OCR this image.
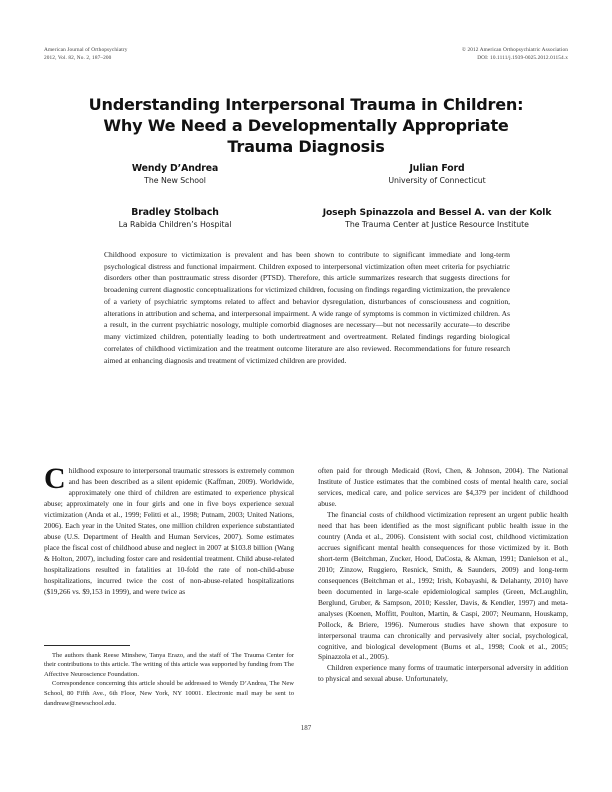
American Journal of Orthopsychiatry
2012, Vol. 82, No. 2, 187–200
© 2012 American Orthopsychiatric Association
DOI: 10.1111/j.1939-0025.2012.01154.x
Understanding Interpersonal Trauma in Children:
Why We Need a Developmentally Appropriate
Trauma Diagnosis
Wendy D’Andrea
The New School
Julian Ford
University of Connecticut
Bradley Stolbach
La Rabida Children’s Hospital
Joseph Spinazzola and Bessel A. van der Kolk
The Trauma Center at Justice Resource Institute
Childhood exposure to victimization is prevalent and has been shown to contribute to significant immediate and long-term psychological distress and functional impairment. Children exposed to interpersonal victimization often meet criteria for psychiatric disorders other than posttraumatic stress disorder (PTSD). Therefore, this article summarizes research that suggests directions for broadening current diagnostic conceptualizations for victimized children, focusing on findings regarding victimization, the prevalence of a variety of psychiatric symptoms related to affect and behavior dysregulation, disturbances of consciousness and cognition, alterations in attribution and schema, and interpersonal impairment. A wide range of symptoms is common in victimized children. As a result, in the current psychiatric nosology, multiple comorbid diagnoses are necessary—but not necessarily accurate—to describe many victimized children, potentially leading to both undertreatment and overtreatment. Related findings regarding biological correlates of childhood victimization and the treatment outcome literature are also reviewed. Recommendations for future research aimed at enhancing diagnosis and treatment of victimized children are provided.

Childhood exposure to interpersonal traumatic stressors is extremely common and has been described as a silent epidemic (Kaffman, 2009). Worldwide, approximately one third of children are estimated to experience physical abuse; approximately one in four girls and one in five boys experience sexual victimization (Anda et al., 1999; Felitti et al., 1998; Putnam, 2003; United Nations, 2006). Each year in the United States, one million children experience substantiated abuse (U.S. Department of Health and Human Services, 2007). Some estimates place the fiscal cost of childhood abuse and neglect in 2007 at $103.8 billion (Wang & Holton, 2007), including foster care and residential treatment. Child abuse-related hospitalizations resulted in fatalities at 10-fold the rate of non-child-abuse hospitalizations, incurred twice the cost of non-abuse-related hospitalizations ($19,266 vs. $9,153 in 1999), and were twice as

often paid for through Medicaid (Rovi, Chen, & Johnson, 2004). The National Institute of Justice estimates that the combined costs of mental health care, social services, medical care, and police services are $4,379 per incident of childhood abuse.

The financial costs of childhood victimization represent an urgent public health need that has been identified as the most significant public health issue in the country (Anda et al., 2006). Consistent with social cost, childhood victimization accrues significant mental health consequences for those victimized by it. Both short-term (Beitchman, Zucker, Hood, DaCosta, & Akman, 1991; Danielson et al., 2010; Zinzow, Ruggiero, Resnick, Smith, & Saunders, 2009) and long-term consequences (Beitchman et al., 1992; Irish, Kobayashi, & Delahanty, 2010) have been documented in large-scale epidemiological samples (Green, McLaughlin, Berglund, Gruber, & Sampson, 2010; Kessler, Davis, & Kendler, 1997) and meta-analyses (Koenen, Moffitt, Poulton, Martin, & Caspi, 2007; Neumann, Houskamp, Pollock, & Briere, 1996). Numerous studies have shown that exposure to interpersonal trauma can chronically and pervasively alter social, psychological, cognitive, and biological development (Burns et al., 1998; Cook et al., 2005; Spinazzola et al., 2005).

Children experience many forms of traumatic interpersonal adversity in addition to physical and sexual abuse. Unfortunately,

The authors thank Reese Minshew, Tanya Erazo, and the staff of The Trauma Center for their contributions to this article. The writing of this article was supported by funding from The Affective Neuroscience Foundation.

Correspondence concerning this article should be addressed to Wendy D’Andrea, The New School, 80 Fifth Ave., 6th Floor, New York, NY 10001. Electronic mail may be sent to dandreaw@newschool.edu.

187
